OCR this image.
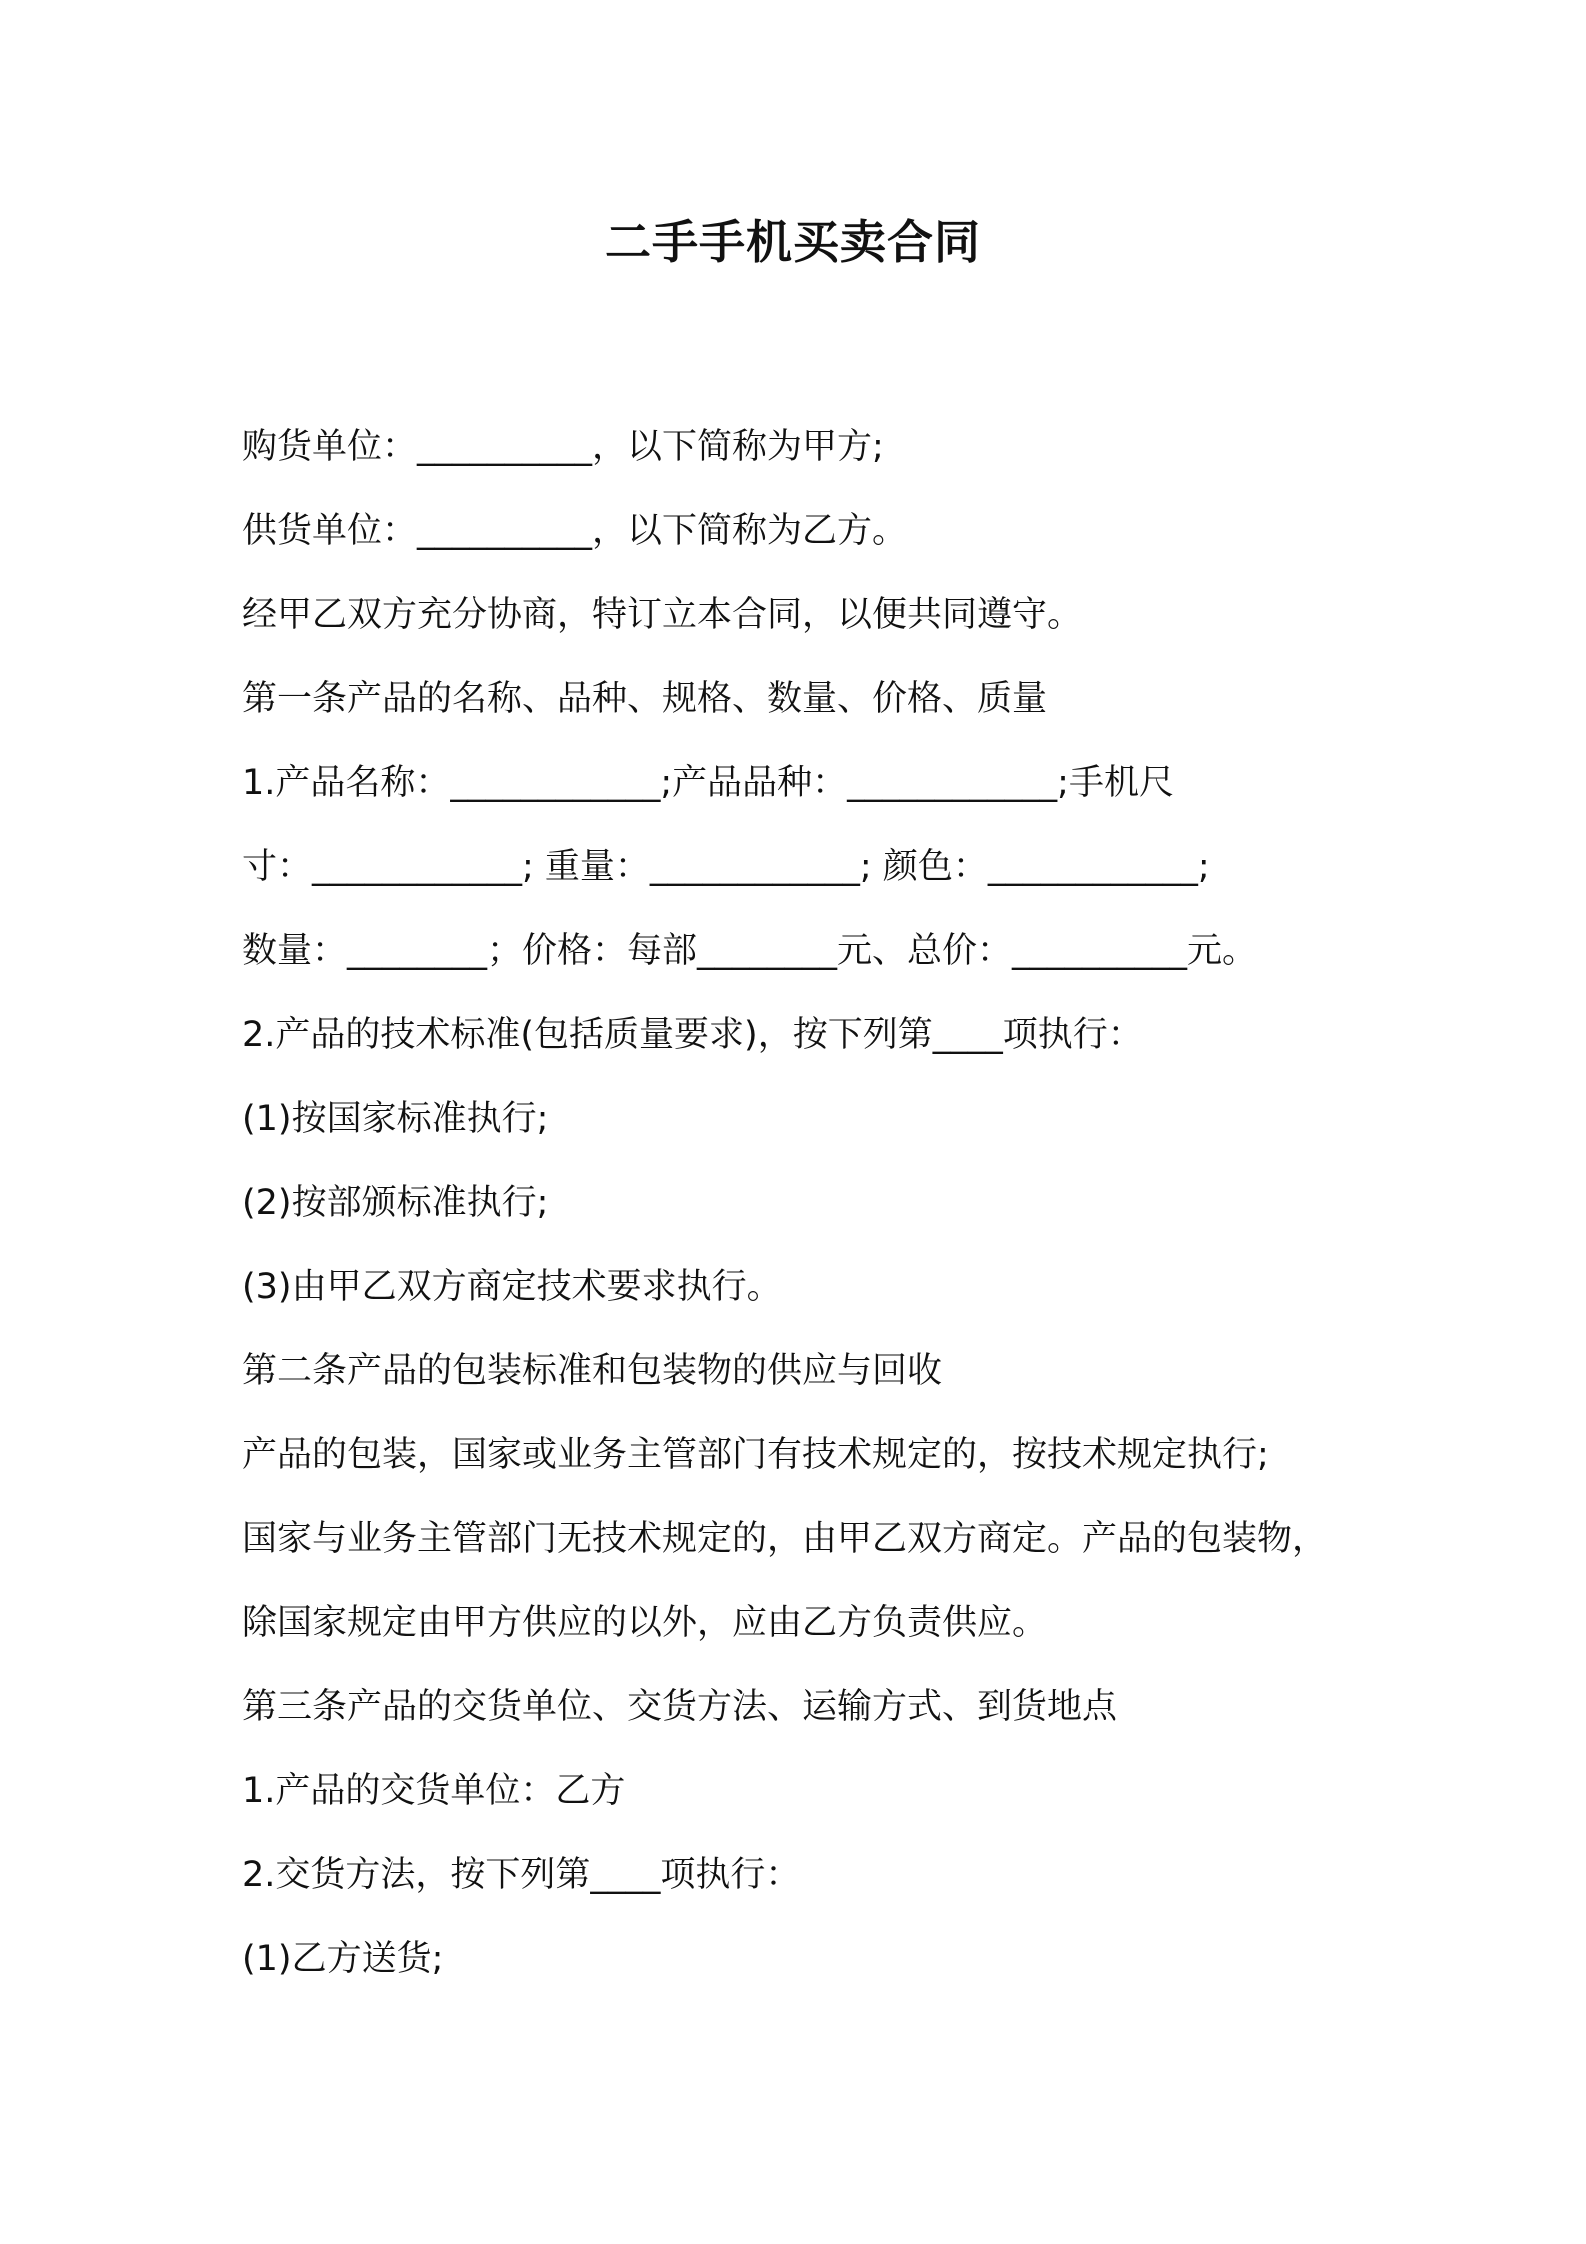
二手手机买卖合同

购货单位：__________，以下简称为甲方;

供货单位：__________，以下简称为乙方。

经甲乙双方充分协商，特订立本合同，以便共同遵守。

第一条产品的名称、品种、规格、数量、价格、质量

1.产品名称：____________;产品品种：____________;手机尺

寸：____________; 重量：____________; 颜色：____________;

数量：________；价格：每部________元、总价：__________元。

2.产品的技术标准(包括质量要求)，按下列第____项执行：

(1)按国家标准执行;

(2)按部颁标准执行;

(3)由甲乙双方商定技术要求执行。

第二条产品的包装标准和包装物的供应与回收

产品的包装，国家或业务主管部门有技术规定的，按技术规定执行;

国家与业务主管部门无技术规定的，由甲乙双方商定。产品的包装物，

除国家规定由甲方供应的以外，应由乙方负责供应。

第三条产品的交货单位、交货方法、运输方式、到货地点

1.产品的交货单位：乙方

2.交货方法，按下列第____项执行：

(1)乙方送货;
